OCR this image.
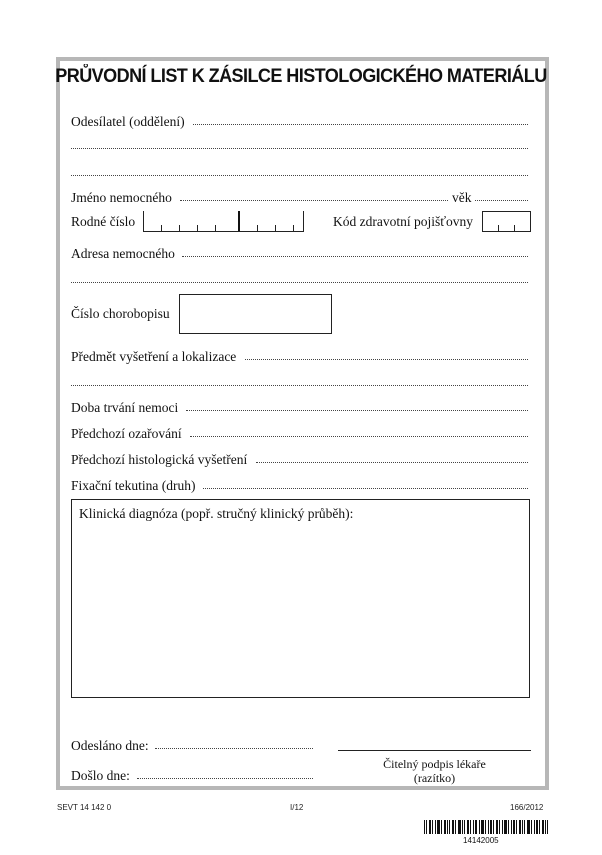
PRŮVODNÍ LIST K ZÁSILCE HISTOLOGICKÉHO MATERIÁLU
Odesílatel (oddělení)
Jméno nemocného	věk
Rodné číslo	Kód zdravotní pojišťovny
Adresa nemocného
Číslo chorobopisu
Předmět vyšetření a lokalizace
Doba trvání nemoci
Předchozí ozařování
Předchozí histologická vyšetření
Fixační tekutina (druh)
Klinická diagnóza (popř. stručný klinický průběh):
Odesláno dne:
Došlo dne:
Čitelný podpis lékaře
(razítko)
SEVT 14 142 0	I/12	166/2012
14142005
